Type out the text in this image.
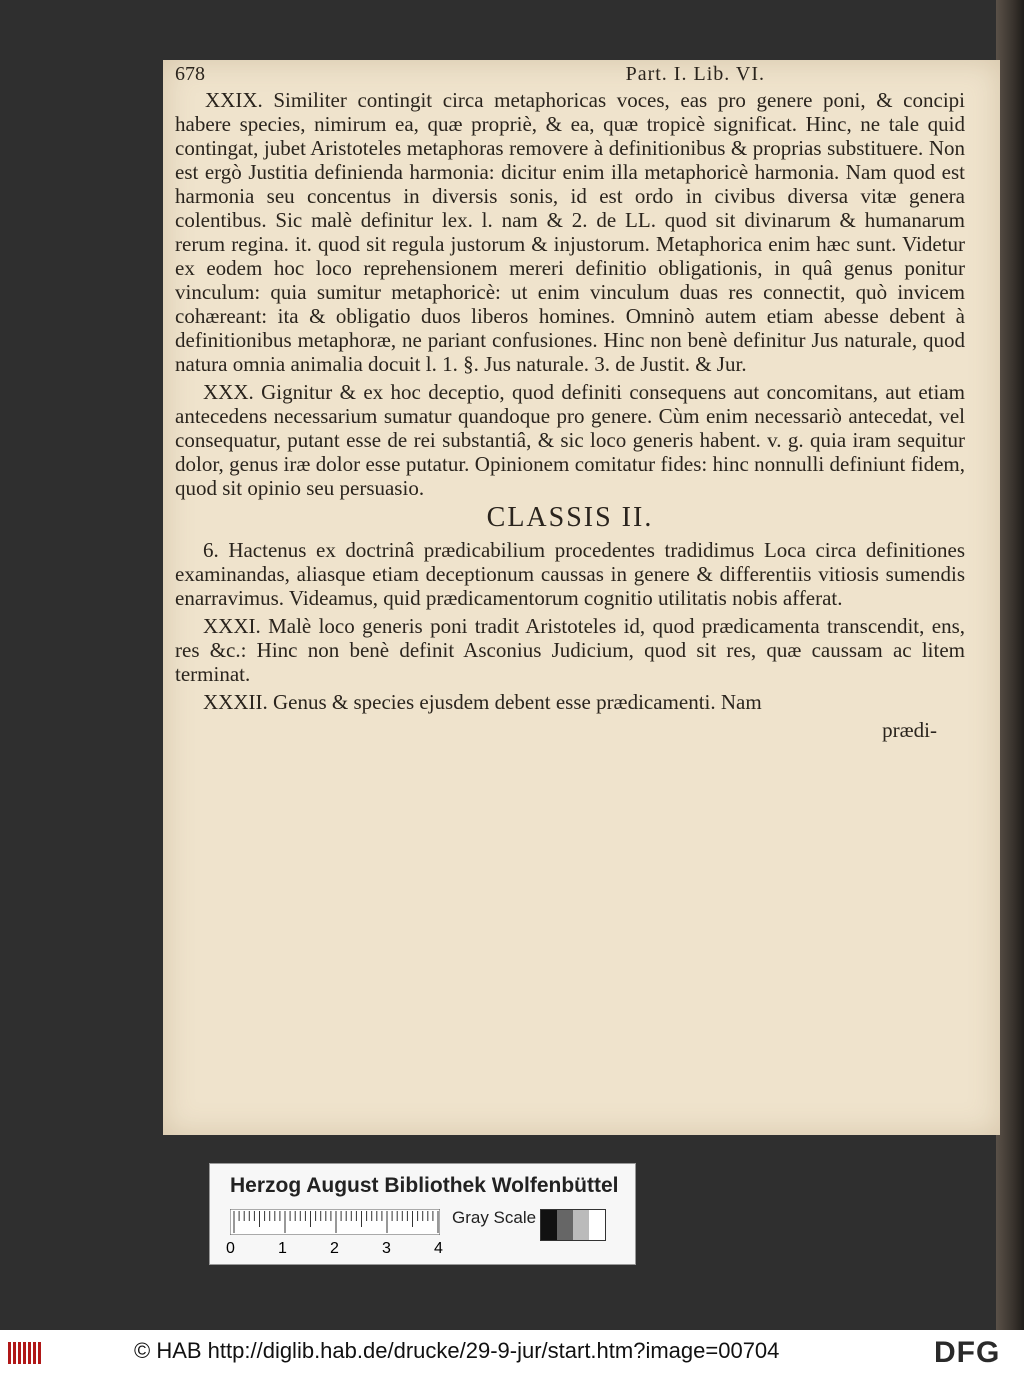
678	Part. I. Lib. VI.

XXIX. Similiter contingit circa metaphoricas voces, eas pro genere poni, & concipi habere species, nimirum ea, quæ propriè, & ea, quæ tropicè significat. Hinc, ne tale quid contingat, jubet Aristoteles metaphoras removere à definitionibus & proprias substituere. Non est ergò Justitia definienda harmonia: dicitur enim illa metaphoricè harmonia. Nam quod est harmonia seu concentus in diversis sonis, id est ordo in civibus diversa vitæ genera colentibus. Sic malè definitur lex. l. nam & 2. de LL. quod sit divinarum & humanarum rerum regina. it. quod sit regula justorum & injustorum. Metaphorica enim hæc sunt. Videtur ex eodem hoc loco reprehensionem mereri definitio obligationis, in quâ genus ponitur vinculum: quia sumitur metaphoricè: ut enim vinculum duas res connectit, quò invicem cohæreant: ita & obligatio duos liberos homines. Omninò autem etiam abesse debent à definitionibus metaphoræ, ne pariant confusiones. Hinc non benè definitur Jus naturale, quod natura omnia animalia docuit l. 1. §. Jus naturale. 3. de Justit. & Jur.

XXX. Gignitur & ex hoc deceptio, quod definiti consequens aut concomitans, aut etiam antecedens necessarium sumatur quandoque pro genere. Cùm enim necessariò antecedat, vel consequatur, putant esse de rei substantiâ, & sic loco generis habent. v. g. quia iram sequitur dolor, genus iræ dolor esse putatur. Opinionem comitatur fides: hinc nonnulli definiunt fidem, quod sit opinio seu persuasio.

CLASSIS II.

6. Hactenus ex doctrinâ prædicabilium procedentes tradidimus Loca circa definitiones examinandas, aliasque etiam deceptionum caussas in genere & differentiis vitiosis sumendis enarravimus. Videamus, quid prædicamentorum cognitio utilitatis nobis afferat.

XXXI. Malè loco generis poni tradit Aristoteles id, quod prædicamenta transcendit, ens, res &c.: Hinc non benè definit Asconius Judicium, quod sit res, quæ caussam ac litem terminat.

XXXII. Genus & species ejusdem debent esse prædicamenti. Nam

prædi-

Herzog August Bibliothek Wolfenbüttel
Gray Scale
0	1	2	3	4
© HAB http://diglib.hab.de/drucke/29-9-jur/start.htm?image=00704	DFG
